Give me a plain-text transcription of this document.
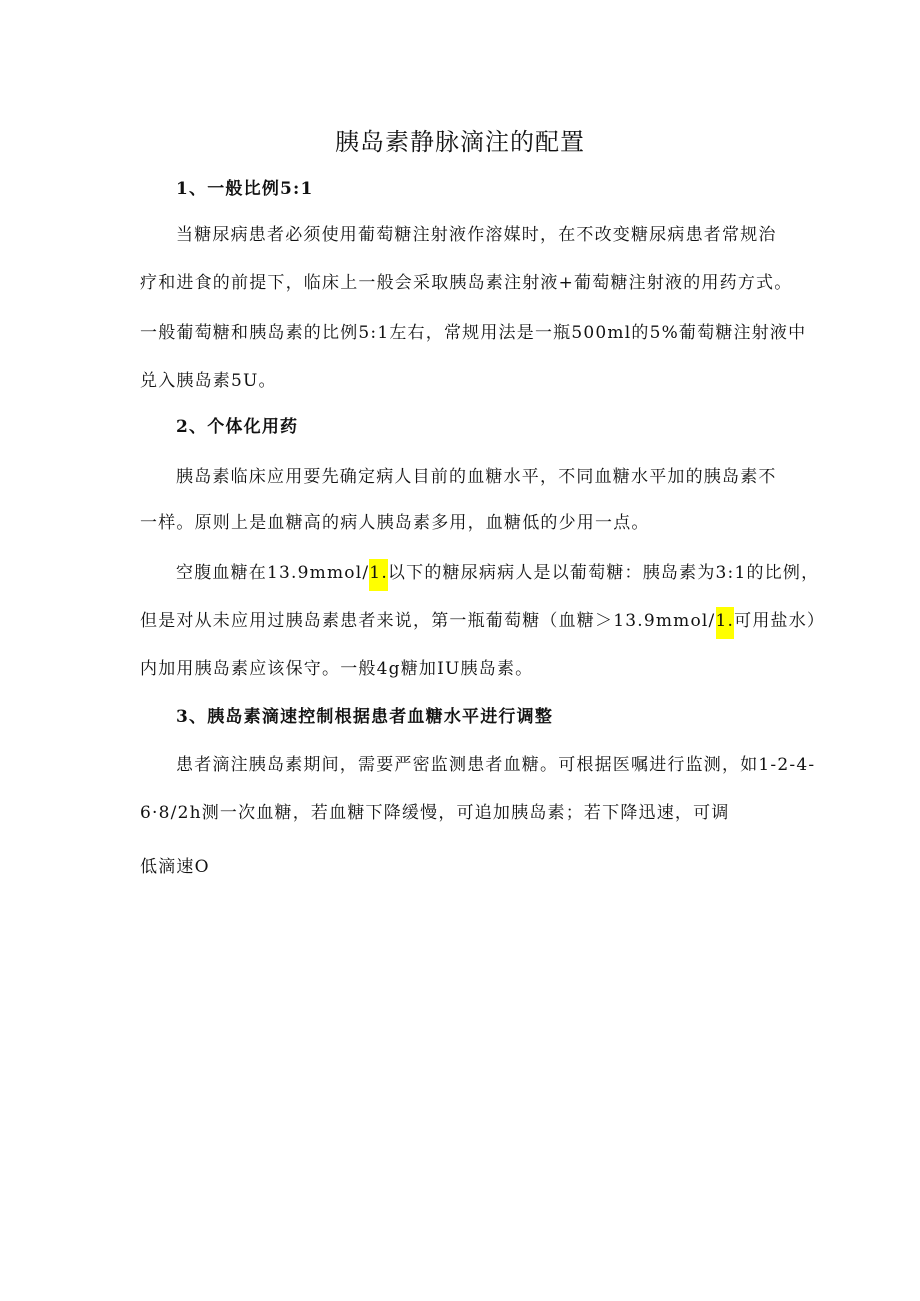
胰岛素静脉滴注的配置
1、一般比例5:1
当糖尿病患者必须使用葡萄糖注射液作溶媒时，在不改变糖尿病患者常规治
疗和进食的前提下，临床上一般会采取胰岛素注射液+葡萄糖注射液的用药方式。
一般葡萄糖和胰岛素的比例5:1左右，常规用法是一瓶500ml的5%葡萄糖注射液中
兑入胰岛素5U。
2、个体化用药
胰岛素临床应用要先确定病人目前的血糖水平，不同血糖水平加的胰岛素不
一样。原则上是血糖高的病人胰岛素多用，血糖低的少用一点。
空腹血糖在13.9mmol/1.以下的糖尿病病人是以葡萄糖：胰岛素为3:1的比例，
但是对从未应用过胰岛素患者来说，第一瓶葡萄糖（血糖＞13.9mmol/1.可用盐水）
内加用胰岛素应该保守。一般4g糖加IU胰岛素。
3、胰岛素滴速控制根据患者血糖水平进行调整
患者滴注胰岛素期间，需要严密监测患者血糖。可根据医嘱进行监测，如1-2-4-
6·8/2h测一次血糖，若血糖下降缓慢，可追加胰岛素；若下降迅速，可调
低滴速O
